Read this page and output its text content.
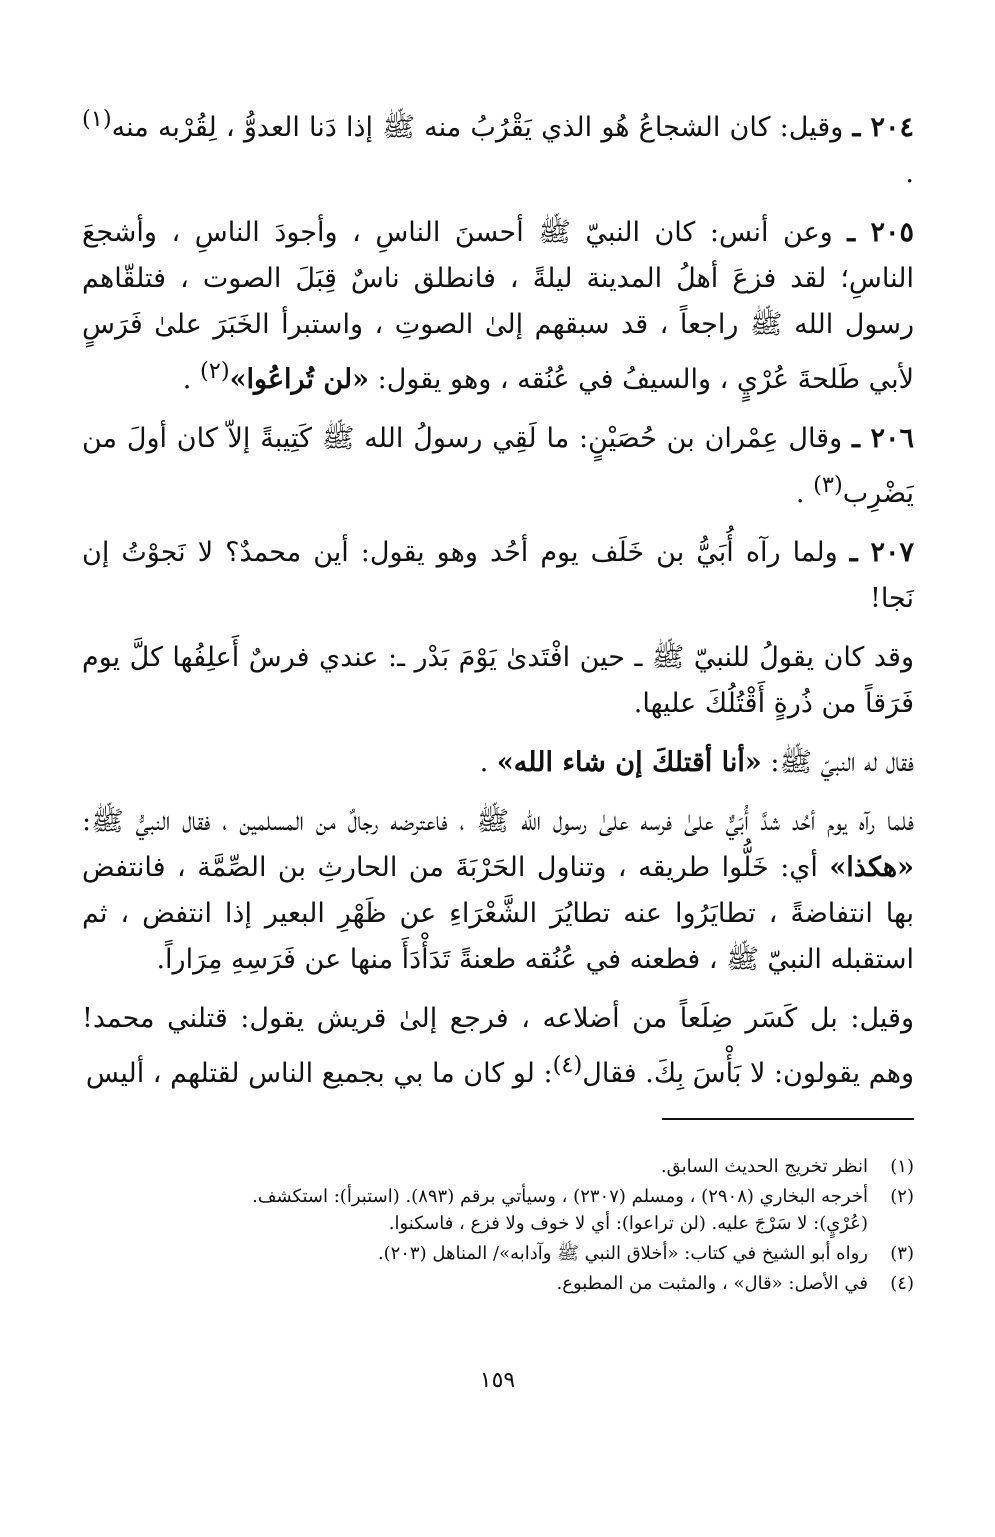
٢٠٤ ـ وقيل: كان الشجاعُ هُو الذي يَقْرُبُ منه ﷺ إذا دَنا العدوُّ ، لِقُرْبه منه$^{(١)}$ .

٢٠٥ ـ وعن أنس: كان النبيّ ﷺ أحسنَ الناسِ ، وأجودَ الناسِ ، وأشجعَ الناسِ؛ لقد فزعَ أهلُ المدينة ليلةً ، فانطلق ناسٌ قِبَلَ الصوت ، فتلقّاهم رسول الله ﷺ راجعاً ، قد سبقهم إلىٰ الصوتِ ، واستبرأ الخَبَرَ علىٰ فَرَسٍ لأبي طَلحةَ عُرْيٍ ، والسيفُ في عُنُقه ، وهو يقول: «لن تُراعُوا»$^{(٢)}$ .

٢٠٦ ـ وقال عِمْران بن حُصَيْنٍ: ما لَقِي رسولُ الله ﷺ كَتِيبةً إلاّ كان أولَ من يَضْرِب$^{(٣)}$ .

٢٠٧ ـ ولما رآه أُبَيُّ بن خَلَف يوم أحُد وهو يقول: أين محمدٌ؟ لا نَجوْتُ إن نَجا!

وقد كان يقولُ للنبيّ ﷺ ـ حين افْتَدىٰ يَوْمَ بَدْر ـ: عندي فرسٌ أَعلِفُها كلَّ يوم فَرَقاً من ذُرةٍ أَقْتُلُكَ عليها.

فقال له النبيّ ﷺ: «أنا أقتلكَ إن شاء الله» .

فلما رآه يوم أحُد شدَّ أُبَيٌّ علىٰ فرسه علىٰ رسول الله ﷺ ، فاعترضه رجالٌ من المسلمين ، فقال النبيُّ ﷺ: «هكذا» أي: خَلُّوا طريقه ، وتناول الحَرْبَةَ من الحارثِ بن الصِّمَّة ، فانتفض بها انتفاضةً ، تطايَرُوا عنه تطايُرَ الشَّعْرَاءِ عن ظَهْرِ البعير إذا انتفض ، ثم استقبله النبيّ ﷺ ، فطعنه في عُنُقه طعنةً تَدَأْدَأَ منها عن فَرَسِهِ مِرَاراً.

وقيل: بل كَسَر ضِلَعاً من أضلاعه ، فرجع إلىٰ قريش يقول: قتلني محمد! وهم يقولون: لا بَأْسَ بِكَ. فقال$^{(٤)}$: لو كان ما بي بجميع الناس لقتلهم ، أليس

(١)
انظر تخريج الحديث السابق.
(٢)
أخرجه البخاري (٢٩٠٨) ، ومسلم (٢٣٠٧) ، وسيأتي برقم (٨٩٣). (استبرأ): استكشف.
(عُرْيٍ): لا سَرْجَ عليه. (لن تراعوا): أي لا خوف ولا فزع ، فاسكنوا.
(٣)
رواه أبو الشيخ في كتاب: «أخلاق النبي ﷺ وآدابه»/ المناهل (٢٠٣).
(٤)
في الأصل: «قال» ، والمثبت من المطبوع.
١٥٩
